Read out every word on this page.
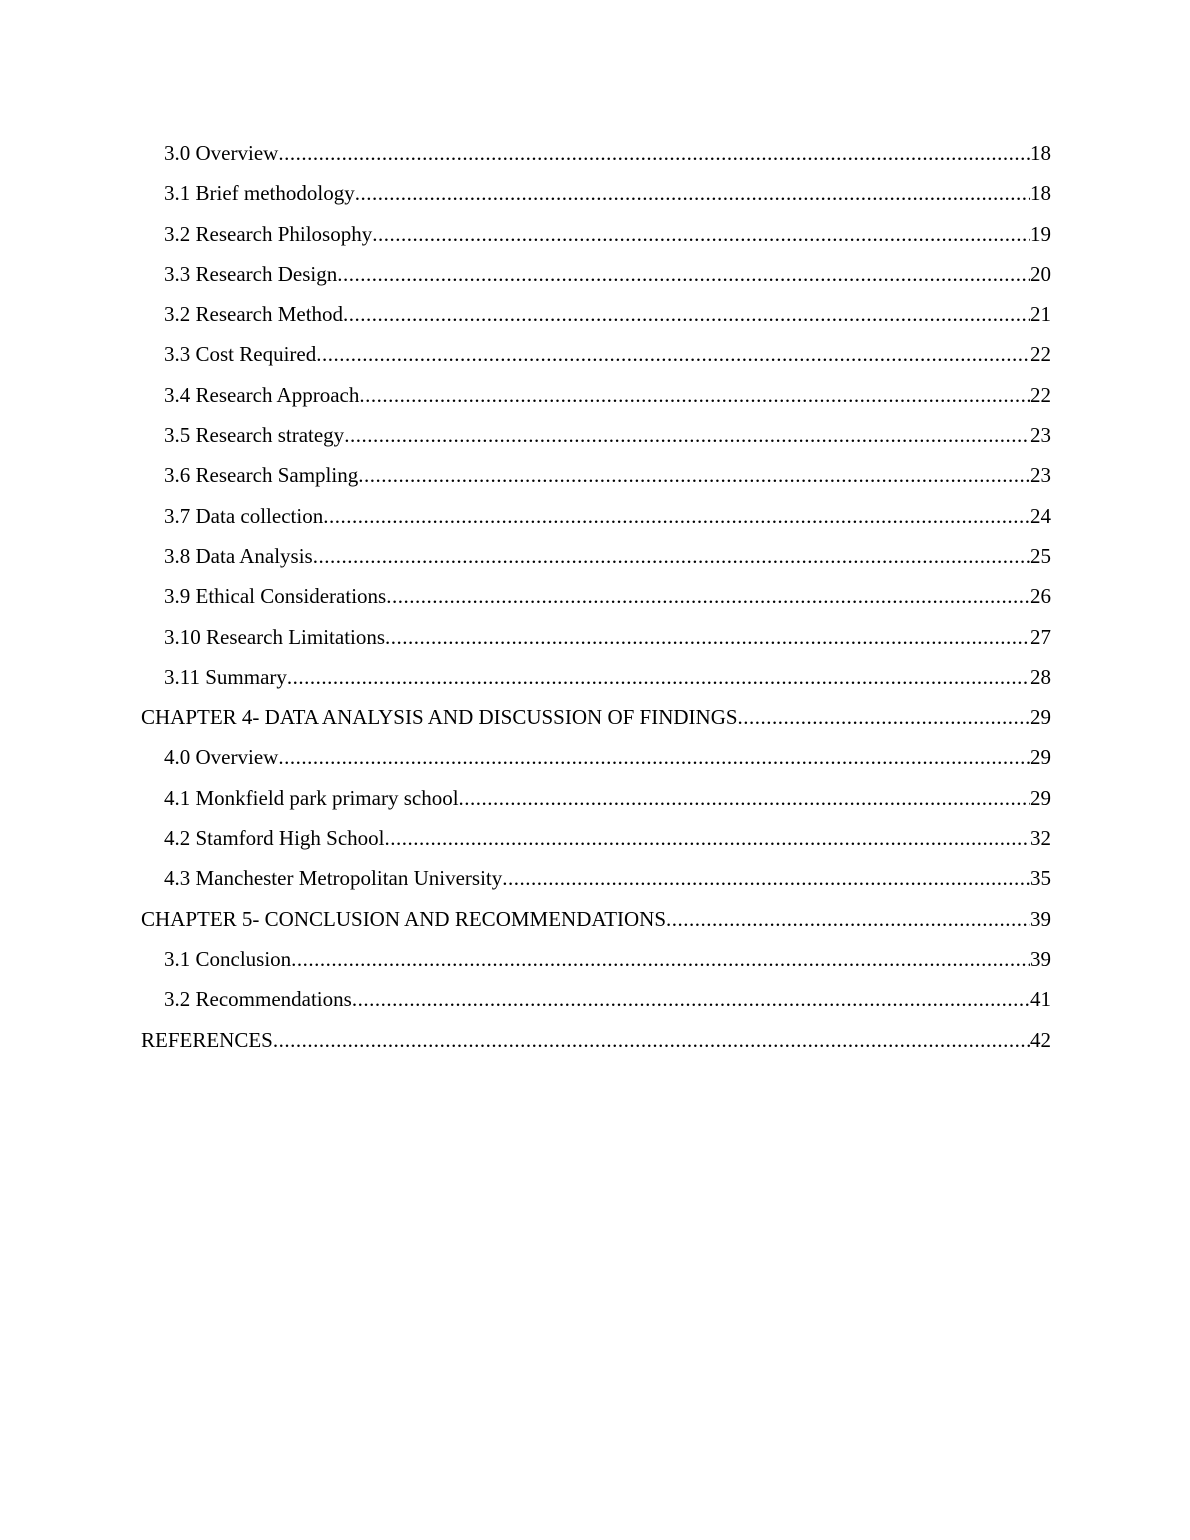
3.0 Overview .....	18
3.1 Brief methodology .....	18
3.2 Research Philosophy .....	19
3.3 Research Design .....	20
3.2 Research Method .....	21
3.3 Cost Required .....	22
3.4 Research Approach .....	22
3.5 Research strategy .....	23
3.6 Research Sampling .....	23
3.7 Data collection .....	24
3.8 Data Analysis .....	25
3.9 Ethical Considerations .....	26
3.10 Research Limitations .....	27
3.11 Summary .....	28
CHAPTER 4- DATA ANALYSIS AND DISCUSSION OF FINDINGS .....	29
4.0 Overview .....	29
4.1 Monkfield park primary school .....	29
4.2 Stamford High School .....	32
4.3 Manchester Metropolitan University .....	35
CHAPTER 5- CONCLUSION AND RECOMMENDATIONS .....	39
3.1 Conclusion .....	39
3.2 Recommendations .....	41
REFERENCES .....	42
